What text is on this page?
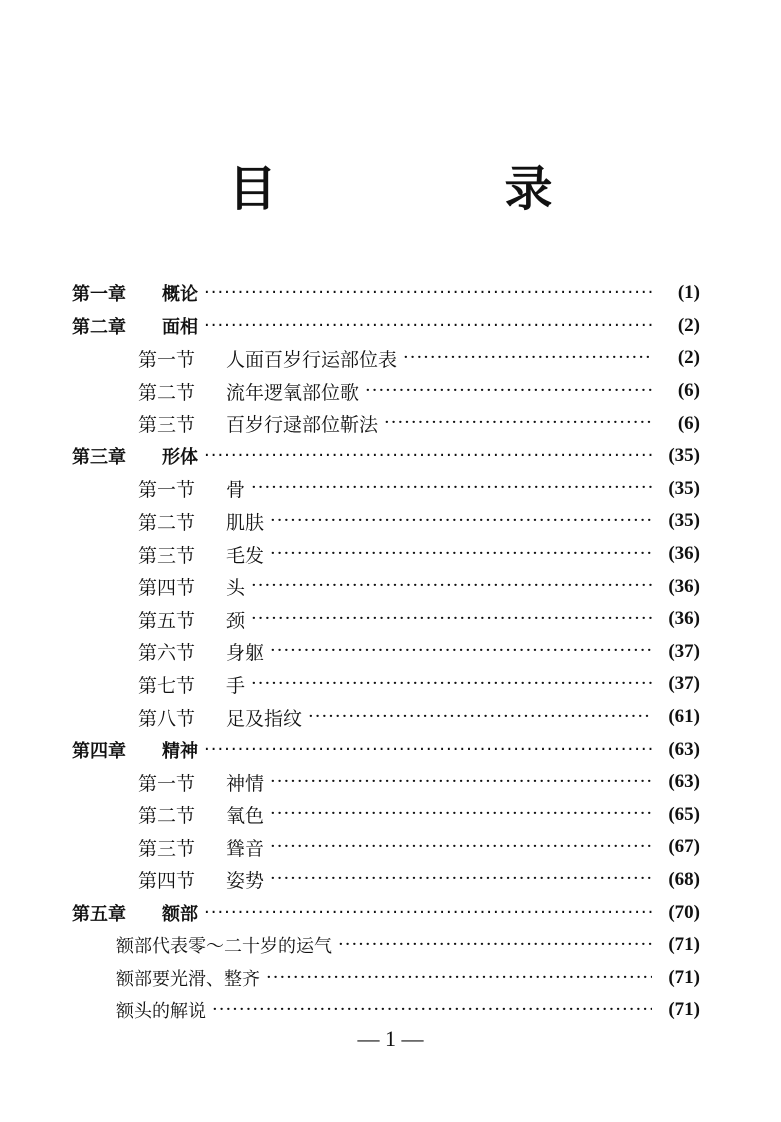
目　录
第一章	概论 ·····	(1)
第二章	面相 ·····	(2)
第一节	人面百岁行运部位表 ·····	(2)
第二节	流年逻氧部位歌 ·····	(6)
第三节	百岁行逯部位靳法 ·····	(6)
第三章	形体 ·····	(35)
第一节	骨 ·····	(35)
第二节	肌肤 ·····	(35)
第三节	毛发 ·····	(36)
第四节	头 ·····	(36)
第五节	颈 ·····	(36)
第六节	身躯 ·····	(37)
第七节	手 ·····	(37)
第八节	足及指纹 ·····	(61)
第四章	精神 ·····	(63)
第一节	神情 ·····	(63)
第二节	氧色 ·····	(65)
第三节	聳音 ·····	(67)
第四节	姿势 ·····	(68)
第五章	额部 ·····	(70)
额部代表零～二十岁的运气 ·····	(71)
额部要光滑、整齐 ·····	(71)
额头的解说 ·····	(71)
— 1 —
